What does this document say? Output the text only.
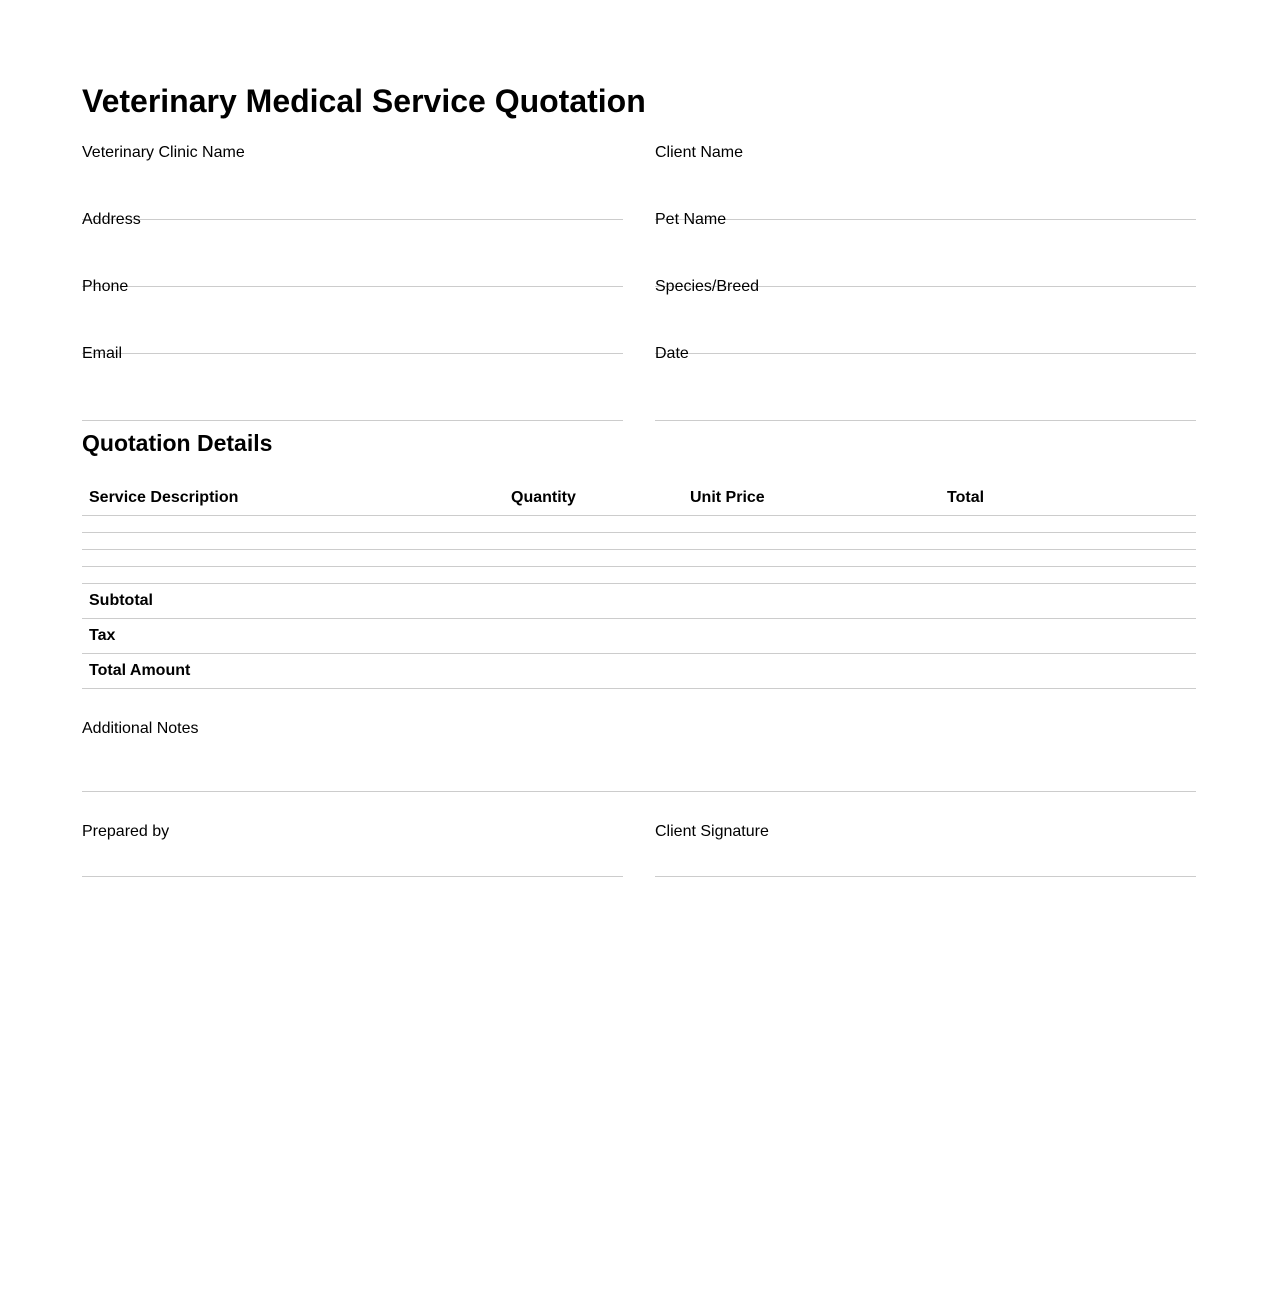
Veterinary Medical Service Quotation
Veterinary Clinic Name
Address
Phone
Email
Client Name
Pet Name
Species/Breed
Date
Quotation Details
Service Description	Quantity	Unit Price	Total

Subtotal			
Tax			
Total Amount			
Additional Notes
Prepared by	Client Signature
